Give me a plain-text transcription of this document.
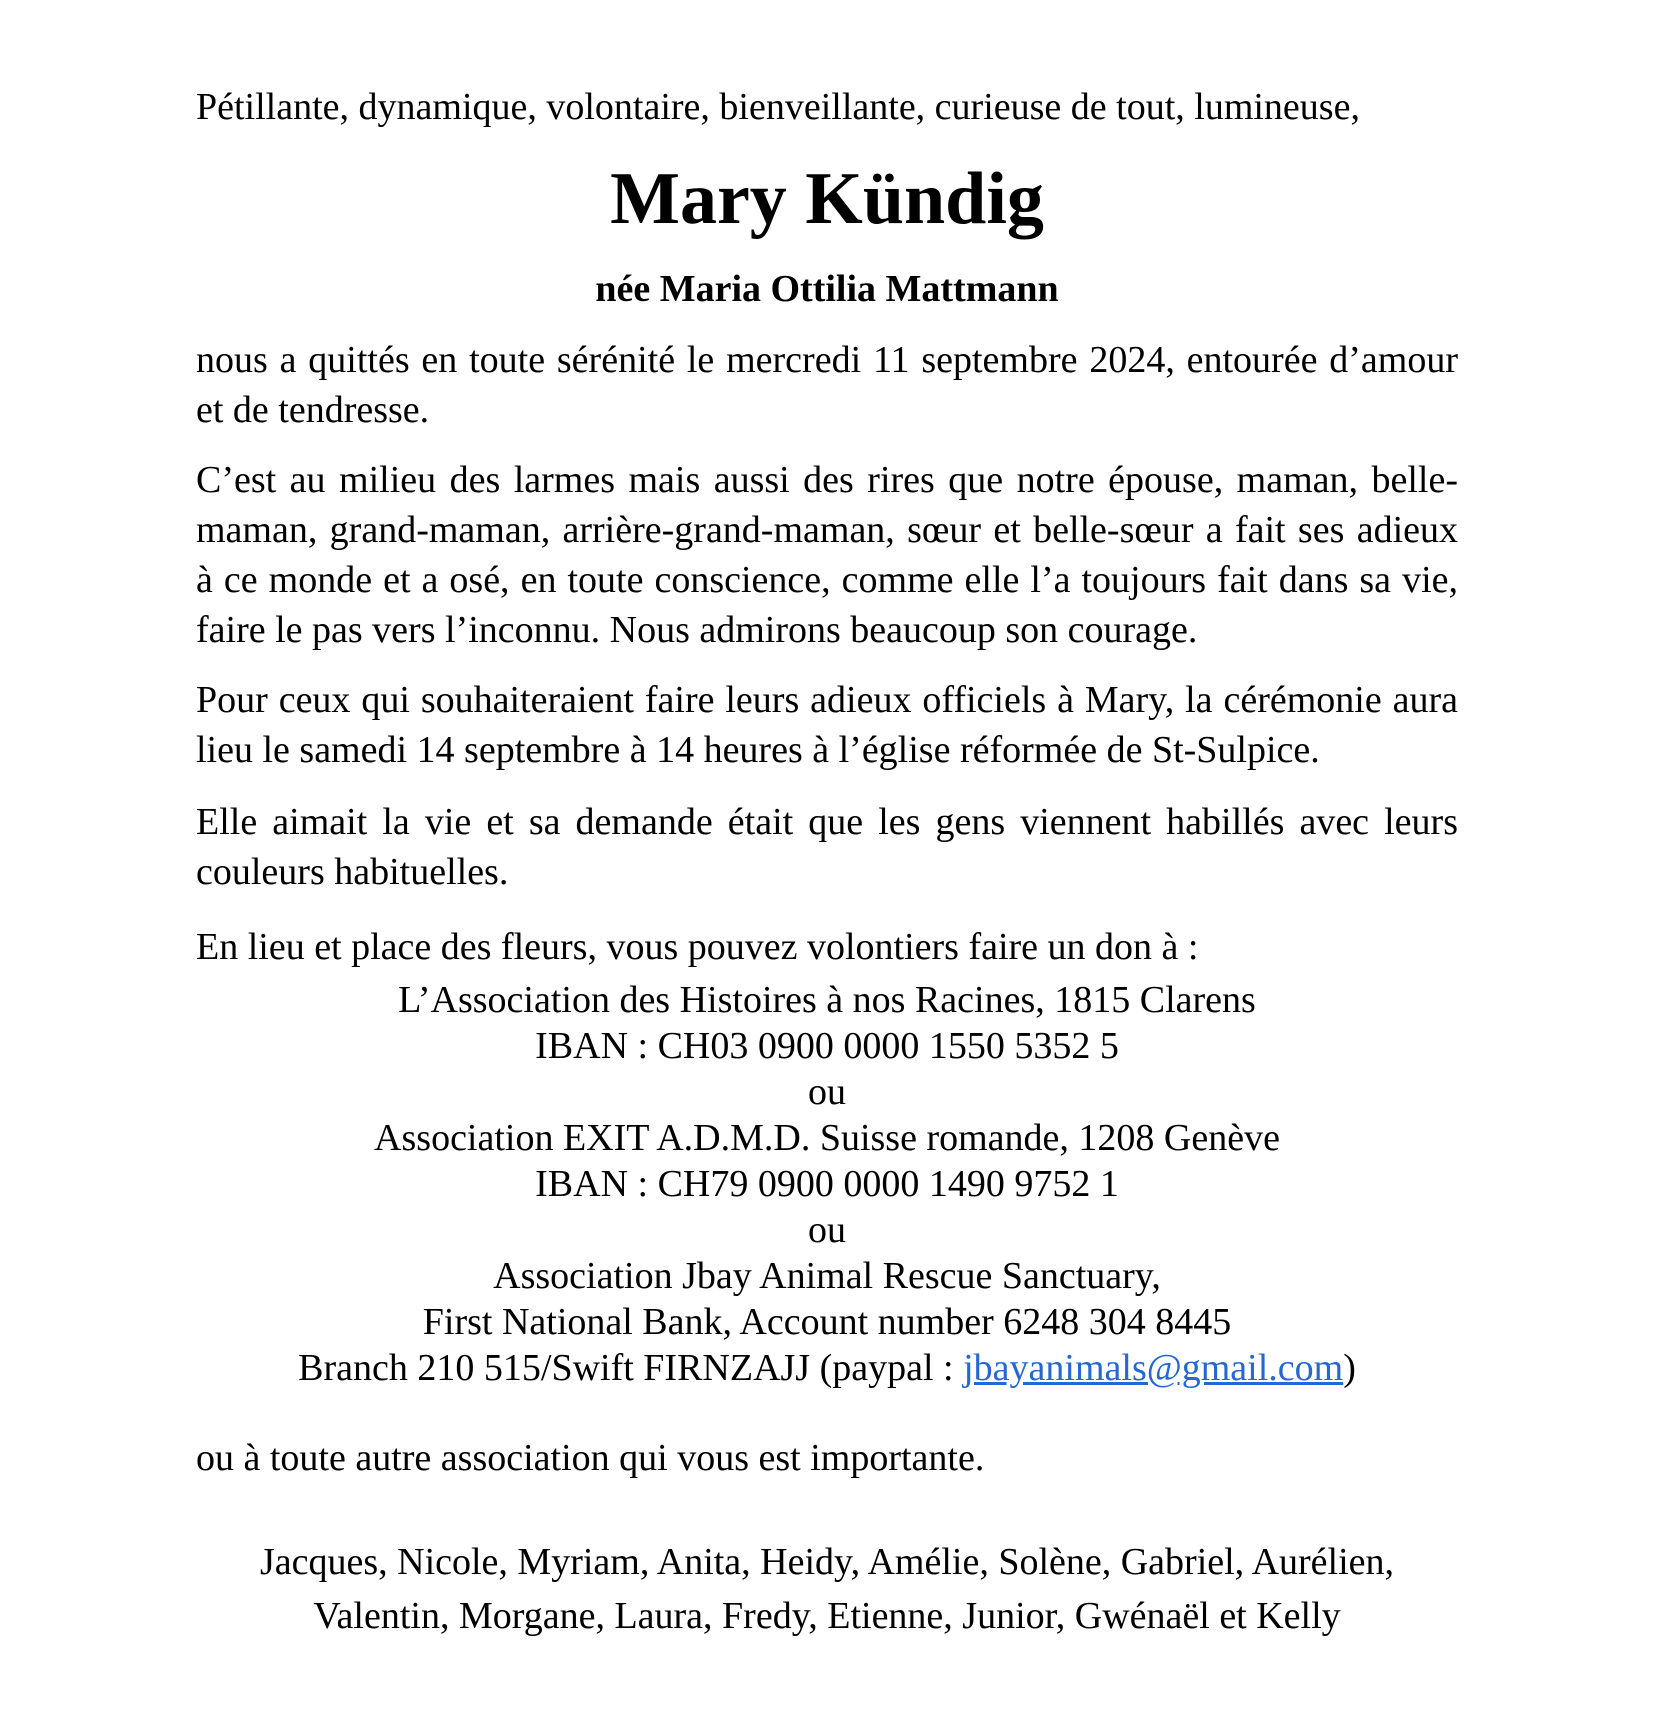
Pétillante, dynamique, volontaire, bienveillante, curieuse de tout, lumineuse,
Mary Kündig
née Maria Ottilia Mattmann
nous a quittés en toute sérénité le mercredi 11 septembre 2024, entourée d’amour
et de tendresse.
C’est au milieu des larmes mais aussi des rires que notre épouse, maman, belle-
maman, grand-maman, arrière-grand-maman, sœur et belle-sœur a fait ses adieux
à ce monde et a osé, en toute conscience, comme elle l’a toujours fait dans sa vie,
faire le pas vers l’inconnu. Nous admirons beaucoup son courage.
Pour ceux qui souhaiteraient faire leurs adieux officiels à Mary, la cérémonie aura
lieu le samedi 14 septembre à 14 heures à l’église réformée de St-Sulpice.
Elle aimait la vie et sa demande était que les gens viennent habillés avec leurs
couleurs habituelles.
En lieu et place des fleurs, vous pouvez volontiers faire un don à :
L’Association des Histoires à nos Racines, 1815 Clarens
IBAN : CH03 0900 0000 1550 5352 5
ou
Association EXIT A.D.M.D. Suisse romande, 1208 Genève
IBAN : CH79 0900 0000 1490 9752 1
ou
Association Jbay Animal Rescue Sanctuary,
First National Bank, Account number 6248 304 8445
Branch 210 515/Swift FIRNZAJJ (paypal : jbayanimals@gmail.com)
ou à toute autre association qui vous est importante.
Jacques, Nicole, Myriam, Anita, Heidy, Amélie, Solène, Gabriel, Aurélien,
Valentin, Morgane, Laura, Fredy, Etienne, Junior, Gwénaël et Kelly
